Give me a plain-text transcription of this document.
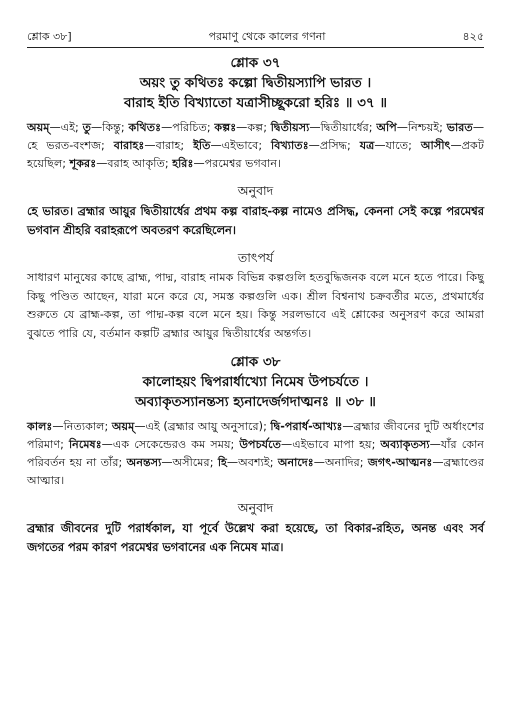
শ্লোক ৩৮]	পরমাণু থেকে কালের গণনা	৪২৫
শ্লোক ৩৭
অয়ং তু কথিতঃ কল্পো দ্বিতীয়স্যাপি ভারত ।
বারাহ ইতি বিখ্যাতো যত্রাসীচ্ছূকরো হরিঃ ॥ ৩৭ ॥
অয়ম্—এই; তু—কিন্তু; কথিতঃ—পরিচিত; কল্পঃ—কল্প; দ্বিতীয়স্য—দ্বিতীয়ার্ধের; অপি—নিশ্চয়ই; ভারত—হে ভরত-বংশজ; বারাহঃ—বারাহ; ইতি—এইভাবে; বিখ্যাতঃ—প্রসিদ্ধ; যত্র—যাতে; আসীৎ—প্রকট হয়েছিল; শূকরঃ—বরাহ আকৃতি; হরিঃ—পরমেশ্বর ভগবান।
অনুবাদ
হে ভারত। ব্রহ্মার আয়ুর দ্বিতীয়ার্ধের প্রথম কল্প বারাহ-কল্প নামেও প্রসিদ্ধ, কেননা সেই কল্পে পরমেশ্বর ভগবান শ্রীহরি বরাহরূপে অবতরণ করেছিলেন।
তাৎপর্য
সাধারণ মানুষের কাছে ব্রাহ্ম, পাদ্ম, বারাহ নামক বিভিন্ন কল্পগুলি হতবুদ্ধিজনক বলে মনে হতে পারে। কিছু কিছু পণ্ডিত আছেন, যারা মনে করে যে, সমস্ত কল্পগুলি এক। শ্রীল বিশ্বনাথ চক্রবর্তীর মতে, প্রথমার্ধের শুরুতে যে ব্রাহ্ম-কল্প, তা পাদ্ম-কল্প বলে মনে হয়। কিন্তু সরলভাবে এই শ্লোকের অনুসরণ করে আমরা বুঝতে পারি যে, বর্তমান কল্পটি ব্রহ্মার আয়ুর দ্বিতীয়ার্ধের অন্তর্গত।
শ্লোক ৩৮
কালোহয়ং দ্বিপরার্ধাখ্যো নিমেষ উপচর্যতে ।
অব্যাকৃতস্যানন্তস্য হ্যনাদের্জগদাত্মনঃ ॥ ৩৮ ॥
কালঃ—নিত্যকাল; অয়ম্—এই (ব্রহ্মার আয়ু অনুসারে); দ্বি-পরার্ধ-আখ্যঃ—ব্রহ্মার জীবনের দুটি অর্ধাংশের পরিমাণ; নিমেষঃ—এক সেকেন্ডেরও কম সময়; উপচর্যতে—এইভাবে মাপা হয়; অব্যাকৃতস্য—যাঁর কোন পরিবর্তন হয় না তাঁর; অনন্তস্য—অসীমের; হি—অবশ্যই; অনাদেঃ—অনাদির; জগৎ-আত্মনঃ—ব্রহ্মাণ্ডের আত্মার।
অনুবাদ
ব্রহ্মার জীবনের দুটি পরার্ধকাল, যা পূর্বে উল্লেখ করা হয়েছে, তা বিকার-রহিত, অনন্ত এবং সর্ব জগতের পরম কারণ পরমেশ্বর ভগবানের এক নিমেষ মাত্র।
